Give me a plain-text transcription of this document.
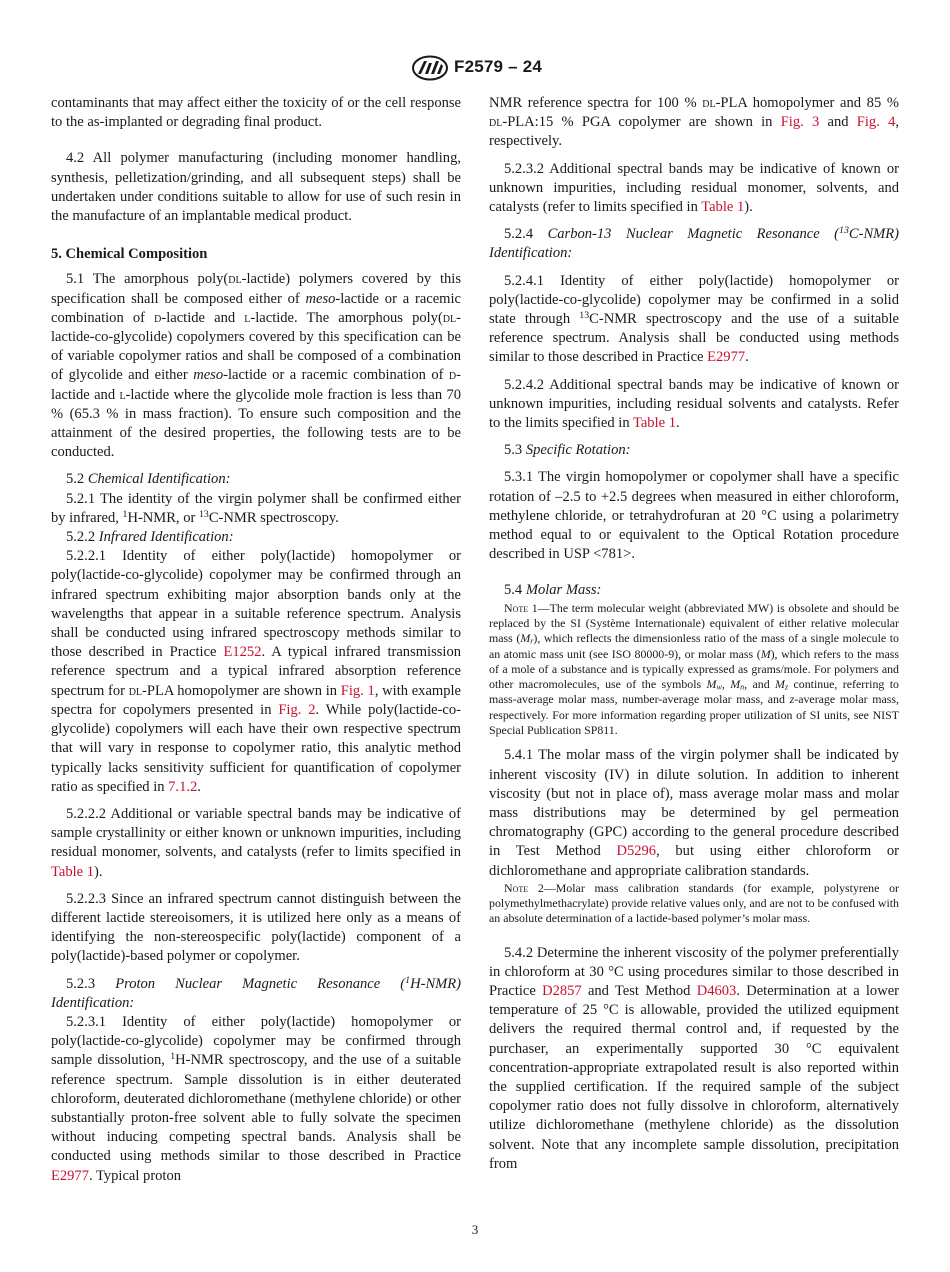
F2579 – 24

contaminants that may affect either the toxicity of or the cell response to the as-implanted or degrading final product.

4.2 All polymer manufacturing (including monomer handling, synthesis, pelletization/grinding, and all subsequent steps) shall be undertaken under conditions suitable to allow for use of such resin in the manufacture of an implantable medical product.

5. Chemical Composition

5.1 The amorphous poly(dl-lactide) polymers covered by this specification shall be composed either of meso-lactide or a racemic combination of d-lactide and l-lactide. The amorphous poly(dl-lactide-co-glycolide) copolymers covered by this specification can be of variable copolymer ratios and shall be composed of a combination of glycolide and either meso-lactide or a racemic combination of d-lactide and l-lactide where the glycolide mole fraction is less than 70 % (65.3 % in mass fraction). To ensure such composition and the attainment of the desired properties, the following tests are to be conducted.

5.2 Chemical Identification:

5.2.1 The identity of the virgin polymer shall be confirmed either by infrared, $^1$H-NMR, or $^{13}$C-NMR spectroscopy.

5.2.2 Infrared Identification:

5.2.2.1 Identity of either poly(lactide) homopolymer or poly(lactide-co-glycolide) copolymer may be confirmed through an infrared spectrum exhibiting major absorption bands only at the wavelengths that appear in a suitable reference spectrum. Analysis shall be conducted using infrared spectroscopy methods similar to those described in Practice E1252. A typical infrared transmission reference spectrum and a typical infrared absorption reference spectrum for dl-PLA homopolymer are shown in Fig. 1, with example spectra for copolymers presented in Fig. 2. While poly(lactide-co-glycolide) copolymers will each have their own respective spectrum that will vary in response to copolymer ratio, this analytic method typically lacks sensitivity sufficient for quantification of copolymer ratio as specified in 7.1.2.

5.2.2.2 Additional or variable spectral bands may be indicative of sample crystallinity or either known or unknown impurities, including residual monomer, solvents, and catalysts (refer to limits specified in Table 1).

5.2.2.3 Since an infrared spectrum cannot distinguish between the different lactide stereoisomers, it is utilized here only as a means of identifying the non-stereospecific poly(lactide) component of a poly(lactide)-based polymer or copolymer.

5.2.3 Proton Nuclear Magnetic Resonance ($^1$H-NMR) Identification:

5.2.3.1 Identity of either poly(lactide) homopolymer or poly(lactide-co-glycolide) copolymer may be confirmed through sample dissolution, $^1$H-NMR spectroscopy, and the use of a suitable reference spectrum. Sample dissolution is in either deuterated chloroform, deuterated dichloromethane (methylene chloride) or other substantially proton-free solvent able to fully solvate the specimen without inducing competing spectral bands. Analysis shall be conducted using methods similar to those described in Practice E2977. Typical proton

NMR reference spectra for 100 % dl-PLA homopolymer and 85 % dl-PLA:15 % PGA copolymer are shown in Fig. 3 and Fig. 4, respectively.

5.2.3.2 Additional spectral bands may be indicative of known or unknown impurities, including residual monomer, solvents, and catalysts (refer to limits specified in Table 1).

5.2.4 Carbon-13 Nuclear Magnetic Resonance ($^{13}$C-NMR) Identification:

5.2.4.1 Identity of either poly(lactide) homopolymer or poly(lactide-co-glycolide) copolymer may be confirmed in a solid state through $^{13}$C-NMR spectroscopy and the use of a suitable reference spectrum. Analysis shall be conducted using methods similar to those described in Practice E2977.

5.2.4.2 Additional spectral bands may be indicative of known or unknown impurities, including residual solvents and catalysts. Refer to the limits specified in Table 1.

5.3 Specific Rotation:

5.3.1 The virgin homopolymer or copolymer shall have a specific rotation of –2.5 to +2.5 degrees when measured in either chloroform, methylene chloride, or tetrahydrofuran at 20 °C using a polarimetry method equal to or equivalent to the Optical Rotation procedure described in USP <781>.

5.4 Molar Mass:

Note 1—The term molecular weight (abbreviated MW) is obsolete and should be replaced by the SI (Système Internationale) equivalent of either relative molecular mass $(M_r)$, which reflects the dimensionless ratio of the mass of a single molecule to an atomic mass unit (see ISO 80000-9), or molar mass (M), which refers to the mass of a mole of a substance and is typically expressed as grams/mole. For polymers and other macromolecules, use of the symbols $M_w$, $M_n$, and $M_z$ continue, referring to mass-average molar mass, number-average molar mass, and z-average molar mass, respectively. For more information regarding proper utilization of SI units, see NIST Special Publication SP811.

5.4.1 The molar mass of the virgin polymer shall be indicated by inherent viscosity (IV) in dilute solution. In addition to inherent viscosity (but not in place of), mass average molar mass and molar mass distributions may be determined by gel permeation chromatography (GPC) according to the general procedure described in Test Method D5296, but using either chloroform or dichloromethane and appropriate calibration standards.

Note 2—Molar mass calibration standards (for example, polystyrene or polymethylmethacrylate) provide relative values only, and are not to be confused with an absolute determination of a lactide-based polymer’s molar mass.

5.4.2 Determine the inherent viscosity of the polymer preferentially in chloroform at 30 °C using procedures similar to those described in Practice D2857 and Test Method D4603. Determination at a lower temperature of 25 °C is allowable, provided the utilized equipment delivers the required thermal control and, if requested by the purchaser, an experimentally supported 30 °C equivalent concentration-appropriate extrapolated result is also reported within the supplied certification. If the required sample of the subject copolymer ratio does not fully dissolve in chloroform, alternatively utilize dichloromethane (methylene chloride) as the dissolution solvent. Note that any incomplete sample dissolution, precipitation from

3
